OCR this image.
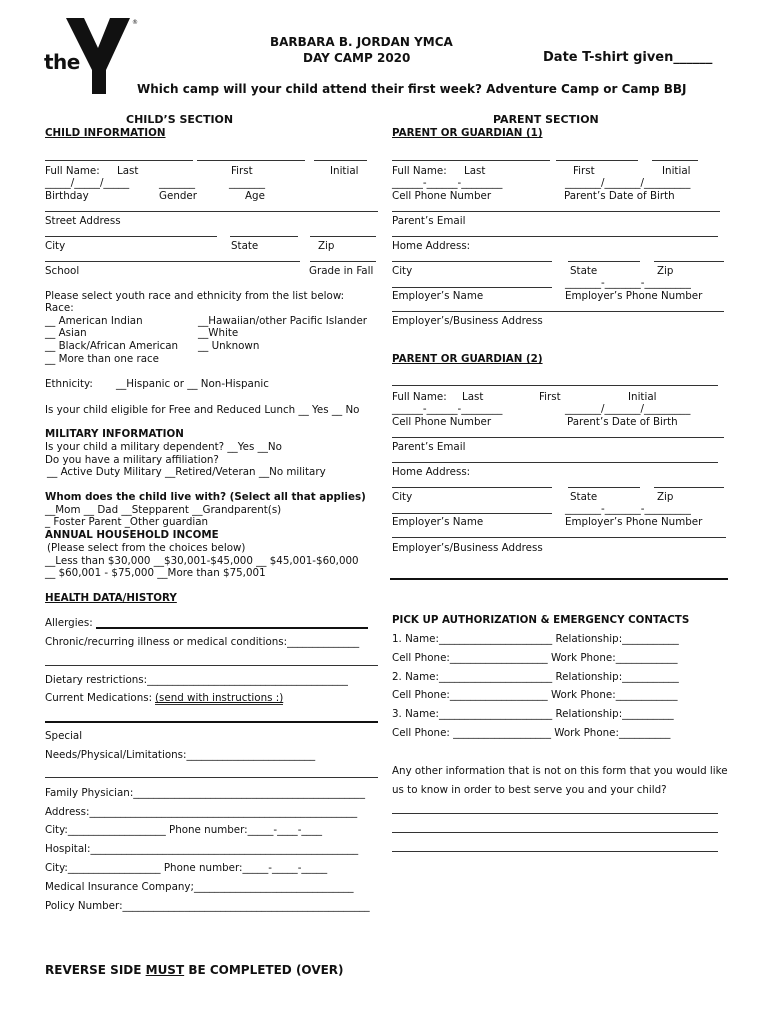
YMCA
®
the
BARBARA B. JORDAN YMCA
DAY CAMP 2020	Date T-shirt given______
Which camp will your child attend their first week? Adventure Camp or Camp BBJ
CHILD’S SECTION
CHILD INFORMATION
Full Name: Last	First	Initial
_____/_____/_____	_______	_______
Birthday	Gender	Age
Street Address
City	State	Zip
School	Grade in Fall
Please select youth race and ethnicity from the list below:
Race:
__ American Indian	__Hawaiian/other Pacific Islander
__ Asian	__White
__ Black/African American __ Unknown
__ More than one race
Ethnicity: __Hispanic or __ Non-Hispanic
Is your child eligible for Free and Reduced Lunch __ Yes __ No
MILITARY INFORMATION
Is your child a military dependent? __Yes __No
Do you have a military affiliation?
__ Active Duty Military __Retired/Veteran __No military
Whom does the child live with? (Select all that applies)
__Mom __ Dad __Stepparent __Grandparent(s)
_ Foster Parent _Other guardian
ANNUAL HOUSEHOLD INCOME
(Please select from the choices below)
__Less than $30,000 __$30,001-$45,000 __ $45,001-$60,000
__ $60,001 - $75,000 __More than $75,001
PARENT SECTION
PARENT OR GUARDIAN (1)
Full Name: Last	First	Initial
______-______-________	_______/_______/_________
Cell Phone Number	Parent’s Date of Birth
Parent’s Email
Home Address:
City	State	Zip
_______-_______-_________
Employer’s Name	Employer’s Phone Number
Employer’s/Business Address
PARENT OR GUARDIAN (2)
Full Name: Last	First	Initial
______-______-________	_______/_______/_________
Cell Phone Number	Parent’s Date of Birth
Parent’s Email
Home Address:
City	State	Zip
_______-_______-_________
Employer’s Name	Employer’s Phone Number
Employer’s/Business Address
HEALTH DATA/HISTORY
Allergies:
Chronic/recurring illness or medical conditions:______________
Dietary restrictions:_______________________________________
Current Medications: (send with instructions :)
Special
Needs/Physical/Limitations:_________________________
Family Physician:_____________________________________________
Address:____________________________________________________
City:___________________ Phone number:_____-____-____
Hospital:____________________________________________________
City:__________________ Phone number:_____-_____-_____
Medical Insurance Company;_______________________________
Policy Number:________________________________________________
PICK UP AUTHORIZATION & EMERGENCY CONTACTS
1. Name:______________________ Relationship:___________
Cell Phone:___________________ Work Phone:____________
2. Name:______________________ Relationship:___________
Cell Phone:___________________ Work Phone:____________
3. Name:______________________ Relationship:__________
Cell Phone: ___________________ Work Phone:__________
Any other information that is not on this form that you would like
us to know in order to best serve you and your child?
REVERSE SIDE MUST BE COMPLETED (OVER)
